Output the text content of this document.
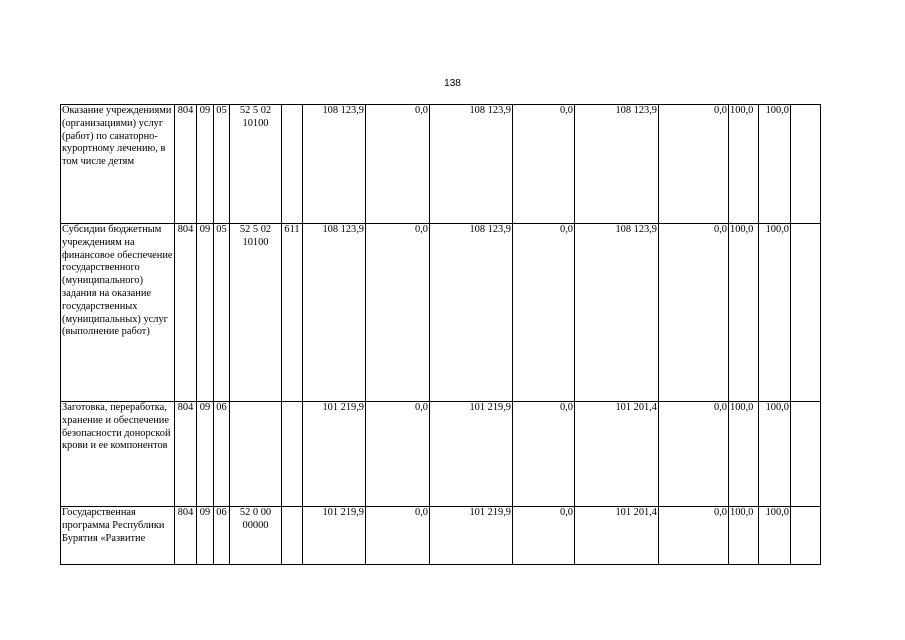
138
Оказание учреждениями (организациями) услуг (работ) по санаторно-курортному лечению, в том числе детям	804	09	05	52 5 02 10100		108 123,9	0,0	108 123,9	0,0	108 123,9	0,0	100,0	100,0	
Субсидии бюджетным учреждениям на финансовое обеспечение государственного (муниципального) задания на оказание государственных (муниципальных) услуг (выполнение работ)	804	09	05	52 5 02 10100	611	108 123,9	0,0	108 123,9	0,0	108 123,9	0,0	100,0	100,0	
Заготовка, переработка, хранение и обеспечение безопасности донорской крови и ее компонентов	804	09	06			101 219,9	0,0	101 219,9	0,0	101 201,4	0,0	100,0	100,0	
Государственная программа Республики Бурятия «Развитие	804	09	06	52 0 00 00000		101 219,9	0,0	101 219,9	0,0	101 201,4	0,0	100,0	100,0	
